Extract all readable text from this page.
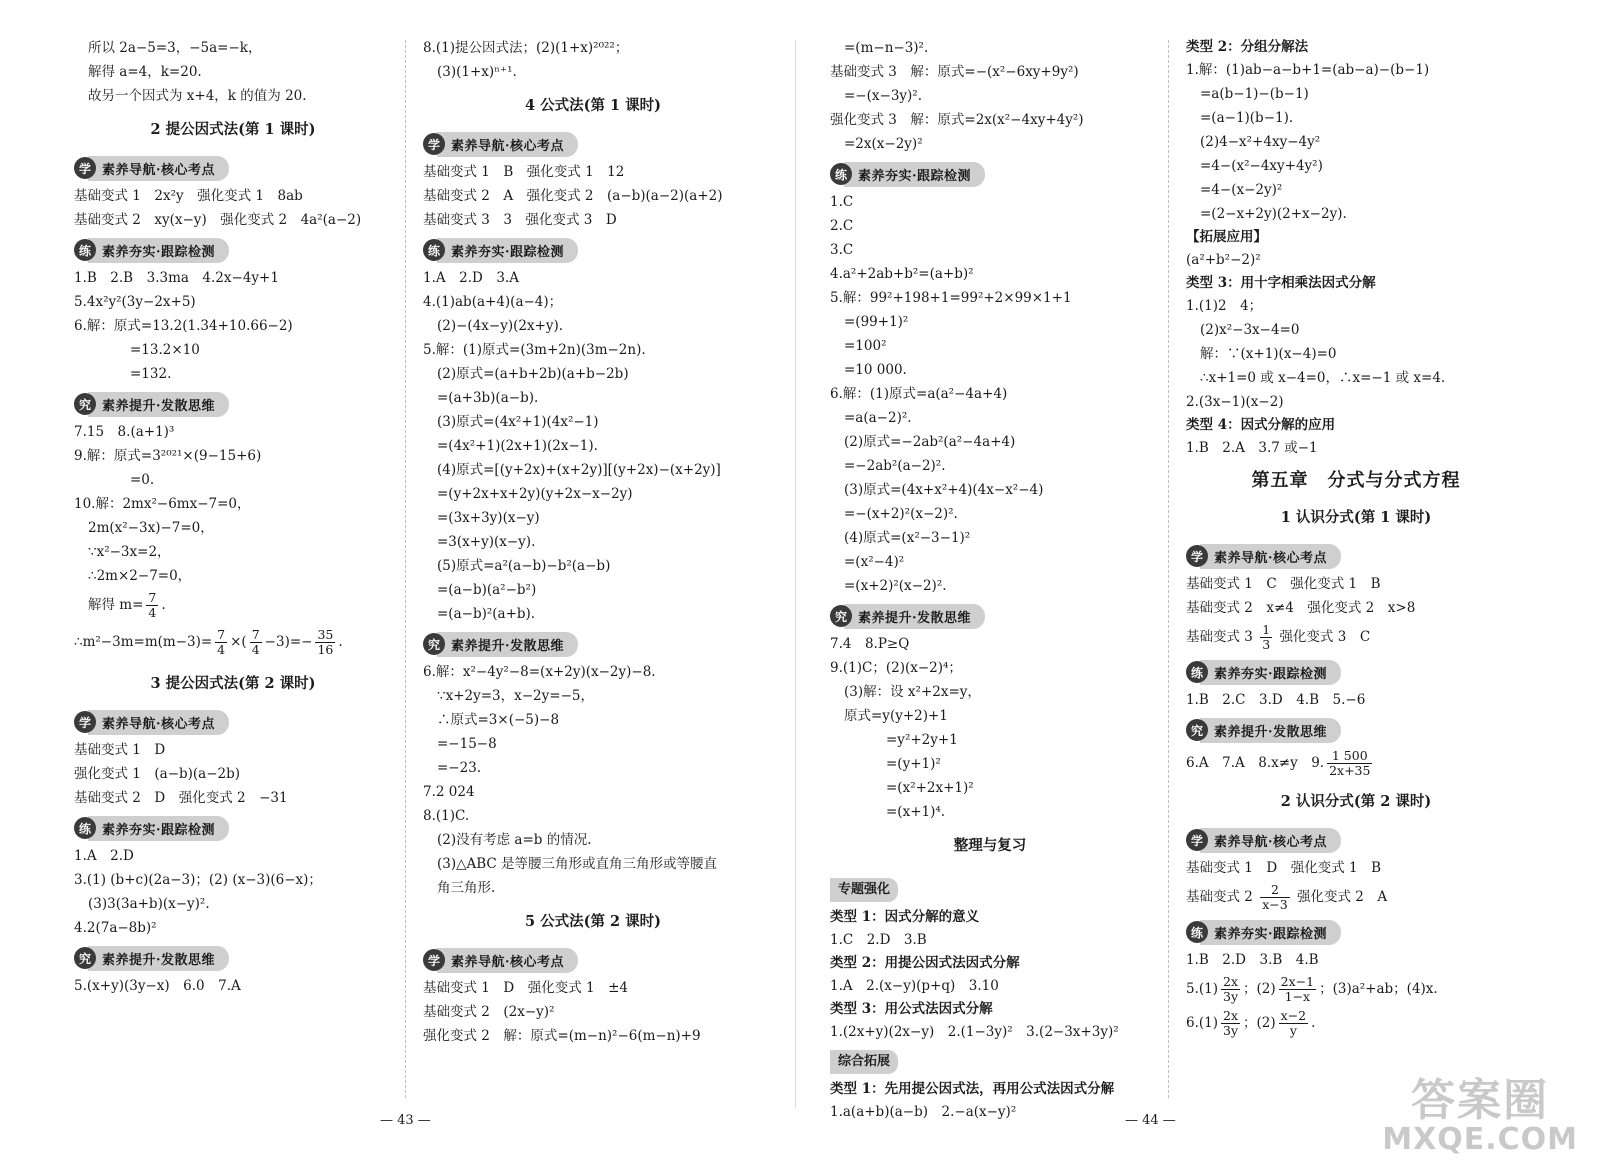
所以 2a−5=3，−5a=−k，
解得 a=4，k=20.
故另一个因式为 x+4，k 的值为 20.
2 提公因式法(第 1 课时)
学 素养导航·核心考点
基础变式 1　2x²y　强化变式 1　8ab
基础变式 2　xy(x−y)　强化变式 2　4a²(a−2)
练 素养夯实·跟踪检测
1.B　2.B　3.3ma　4.2x−4y+1
5.4x²y²(3y−2x+5)
6.解：原式=13.2(1.34+10.66−2)
=13.2×10
=132.
究 素养提升·发散思维
7.15　8.(a+1)³
9.解：原式=3²⁰²¹×(9−15+6)
=0.
10.解：2mx²−6mx−7=0，
2m(x²−3x)−7=0，
∵x²−3x=2，
∴2m×2−7=0，
解得 $m= \frac{7}{4}$ .
∴m²−3m=m(m−3)= $\frac{7}{4}$ ×( $\frac{7}{4} -3)=- \frac{35}{16}$ .
3 提公因式法(第 2 课时)
学 素养导航·核心考点
基础变式 1　D
强化变式 1　(a−b)(a−2b)
基础变式 2　D　强化变式 2　−31
练 素养夯实·跟踪检测
1.A　2.D
3.(1) (b+c)(2a−3)；(2) (x−3)(6−x)；
(3)3(3a+b)(x−y)².
4.2(7a−8b)²
究 素养提升·发散思维
5.(x+y)(3y−x)　6.0　7.A
8.(1)提公因式法；(2)(1+x)²⁰²²；
(3)(1+x)ⁿ⁺¹.
4 公式法(第 1 课时)
学 素养导航·核心考点
基础变式 1　B　强化变式 1　12
基础变式 2　A　强化变式 2　(a−b)(a−2)(a+2)
基础变式 3　3　强化变式 3　D
练 素养夯实·跟踪检测
1.A　2.D　3.A
4.(1)ab(a+4)(a−4)；
(2)−(4x−y)(2x+y).
5.解：(1)原式=(3m+2n)(3m−2n).
(2)原式=(a+b+2b)(a+b−2b)
=(a+3b)(a−b).
(3)原式=(4x²+1)(4x²−1)
=(4x²+1)(2x+1)(2x−1).
(4)原式=[(y+2x)+(x+2y)][(y+2x)−(x+2y)]
=(y+2x+x+2y)(y+2x−x−2y)
=(3x+3y)(x−y)
=3(x+y)(x−y).
(5)原式=a²(a−b)−b²(a−b)
=(a−b)(a²−b²)
=(a−b)²(a+b).
究 素养提升·发散思维
6.解：x²−4y²−8=(x+2y)(x−2y)−8.
∵x+2y=3，x−2y=−5，
∴原式=3×(−5)−8
=−15−8
=−23.
7.2 024
8.(1)C.
(2)没有考虑 a=b 的情况.
(3)△ABC 是等腰三角形或直角三角形或等腰直
角三角形.
5 公式法(第 2 课时)
学 素养导航·核心考点
基础变式 1　D　强化变式 1　±4
基础变式 2　(2x−y)²
强化变式 2　解：原式=(m−n)²−6(m−n)+9
=(m−n−3)².
基础变式 3　解：原式=−(x²−6xy+9y²)
=−(x−3y)².
强化变式 3　解：原式=2x(x²−4xy+4y²)
=2x(x−2y)²
练 素养夯实·跟踪检测
1.C
2.C
3.C
4.a²+2ab+b²=(a+b)²
5.解：99²+198+1=99²+2×99×1+1
=(99+1)²
=100²
=10 000.
6.解：(1)原式=a(a²−4a+4)
=a(a−2)².
(2)原式=−2ab²(a²−4a+4)
=−2ab²(a−2)².
(3)原式=(4x+x²+4)(4x−x²−4)
=−(x+2)²(x−2)².
(4)原式=(x²−3−1)²
=(x²−4)²
=(x+2)²(x−2)².
究 素养提升·发散思维
7.4　8.P≥Q
9.(1)C；(2)(x−2)⁴；
(3)解：设 x²+2x=y，
原式=y(y+2)+1
=y²+2y+1
=(y+1)²
=(x²+2x+1)²
=(x+1)⁴.
整理与复习
专题强化
类型 1：因式分解的意义
1.C　2.D　3.B
类型 2：用提公因式法因式分解
1.A　2.(x−y)(p+q)　3.10
类型 3：用公式法因式分解
1.(2x+y)(2x−y)　2.(1−3y)²　3.(2−3x+3y)²
综合拓展
类型 1：先用提公因式法，再用公式法因式分解
1.a(a+b)(a−b)　2.−a(x−y)²
类型 2：分组分解法
1.解：(1)ab−a−b+1=(ab−a)−(b−1)
=a(b−1)−(b−1)
=(a−1)(b−1).
(2)4−x²+4xy−4y²
=4−(x²−4xy+4y²)
=4−(x−2y)²
=(2−x+2y)(2+x−2y).
【拓展应用】
(a²+b²−2)²
类型 3：用十字相乘法因式分解
1.(1)2　4；
(2)x²−3x−4=0
解：∵(x+1)(x−4)=0
∴x+1=0 或 x−4=0，∴x=−1 或 x=4.
2.(3x−1)(x−2)
类型 4：因式分解的应用
1.B　2.A　3.7 或−1
第五章　分式与分式方程
1 认识分式(第 1 课时)
学 素养导航·核心考点
基础变式 1　C　强化变式 1　B
基础变式 2　x≠4　强化变式 2　x>8
基础变式 $3 \frac{1}{3}$ 强化变式 3　C
练 素养夯实·跟踪检测
1.B　2.C　3.D　4.B　5.−6
究 素养提升·发散思维
6.A　7.A　8.x≠y　9. $\frac{1 500}{2x+35}$
2 认识分式(第 2 课时)
学 素养导航·核心考点
基础变式 1　D　强化变式 1　B
基础变式 $2 \frac{2}{x-3}$ 强化变式 2　A
练 素养夯实·跟踪检测
1.B　2.D　3.B　4.B
$5.(1) \frac{2x}{3y}$ ；$(2) \frac{2x-1}{1-x}$ ；(3)a²+ab；(4)x.
$6.(1) \frac{2x}{3y}$ ；$(2) \frac{x-2}{y}$ .
— 43 —	— 44 —	答案圈
MXQE.COM
